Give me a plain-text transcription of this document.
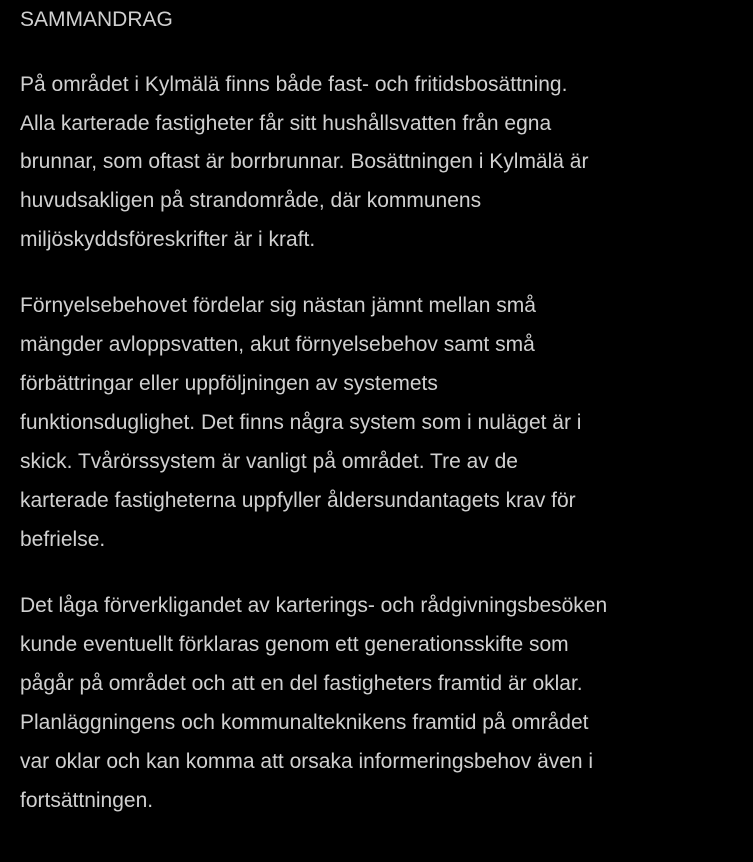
SAMMANDRAG
På området i Kylmälä finns både fast- och fritidsbosättning.
Alla karterade fastigheter får sitt hushållsvatten från egna
brunnar, som oftast är borrbrunnar. Bosättningen i Kylmälä är
huvudsakligen på strandområde, där kommunens
miljöskyddsföreskrifter är i kraft.
Förnyelsebehovet fördelar sig nästan jämnt mellan små
mängder avloppsvatten, akut förnyelsebehov samt små
förbättringar eller uppföljningen av systemets
funktionsduglighet. Det finns några system som i nuläget är i
skick. Tvårörssystem är vanligt på området. Tre av de
karterade fastigheterna uppfyller åldersundantagets krav för
befrielse.
Det låga förverkligandet av karterings- och rådgivningsbesöken
kunde eventuellt förklaras genom ett generationsskifte som
pågår på området och att en del fastigheters framtid är oklar.
Planläggningens och kommunalteknikens framtid på området
var oklar och kan komma att orsaka informeringsbehov även i
fortsättningen.
